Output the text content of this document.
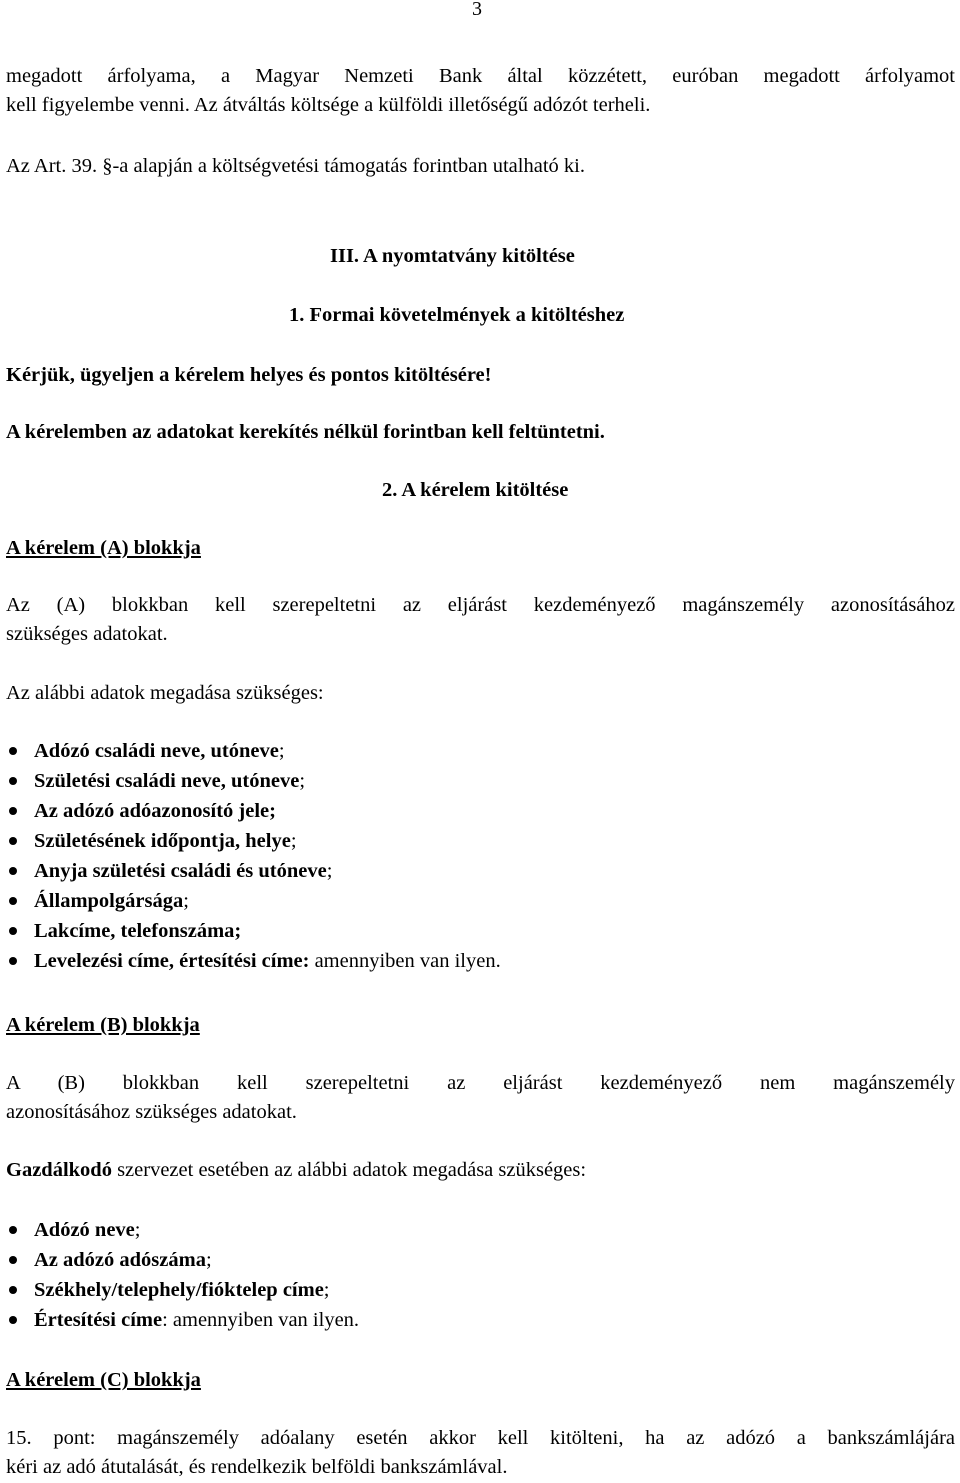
3
megadott árfolyama, a Magyar Nemzeti Bank által közzétett, euróban megadott árfolyamot
kell figyelembe venni. Az átváltás költsége a külföldi illetőségű adózót terheli.
Az Art. 39. §-a alapján a költségvetési támogatás forintban utalható ki.
III. A nyomtatvány kitöltése
1. Formai követelmények a kitöltéshez
Kérjük, ügyeljen a kérelem helyes és pontos kitöltésére!
A kérelemben az adatokat kerekítés nélkül forintban kell feltüntetni.
2. A kérelem kitöltése
A kérelem (A) blokkja
Az (A) blokkban kell szerepeltetni az eljárást kezdeményező magánszemély azonosításához
szükséges adatokat.
Az alábbi adatok megadása szükséges:
Adózó családi neve, utóneve;
Születési családi neve, utóneve;
Az adózó adóazonosító jele;
Születésének időpontja, helye;
Anyja születési családi és utóneve;
Állampolgársága;
Lakcíme, telefonszáma;
Levelezési címe, értesítési címe: amennyiben van ilyen.
A kérelem (B) blokkja
A (B) blokkban kell szerepeltetni az eljárást kezdeményező nem magánszemély
azonosításához szükséges adatokat.
Gazdálkodó szervezet esetében az alábbi adatok megadása szükséges:
Adózó neve;
Az adózó adószáma;
Székhely/telephely/fióktelep címe;
Értesítési címe: amennyiben van ilyen.
A kérelem (C) blokkja
15. pont: magánszemély adóalany esetén akkor kell kitölteni, ha az adózó a bankszámlájára
kéri az adó átutalását, és rendelkezik belföldi bankszámlával.
